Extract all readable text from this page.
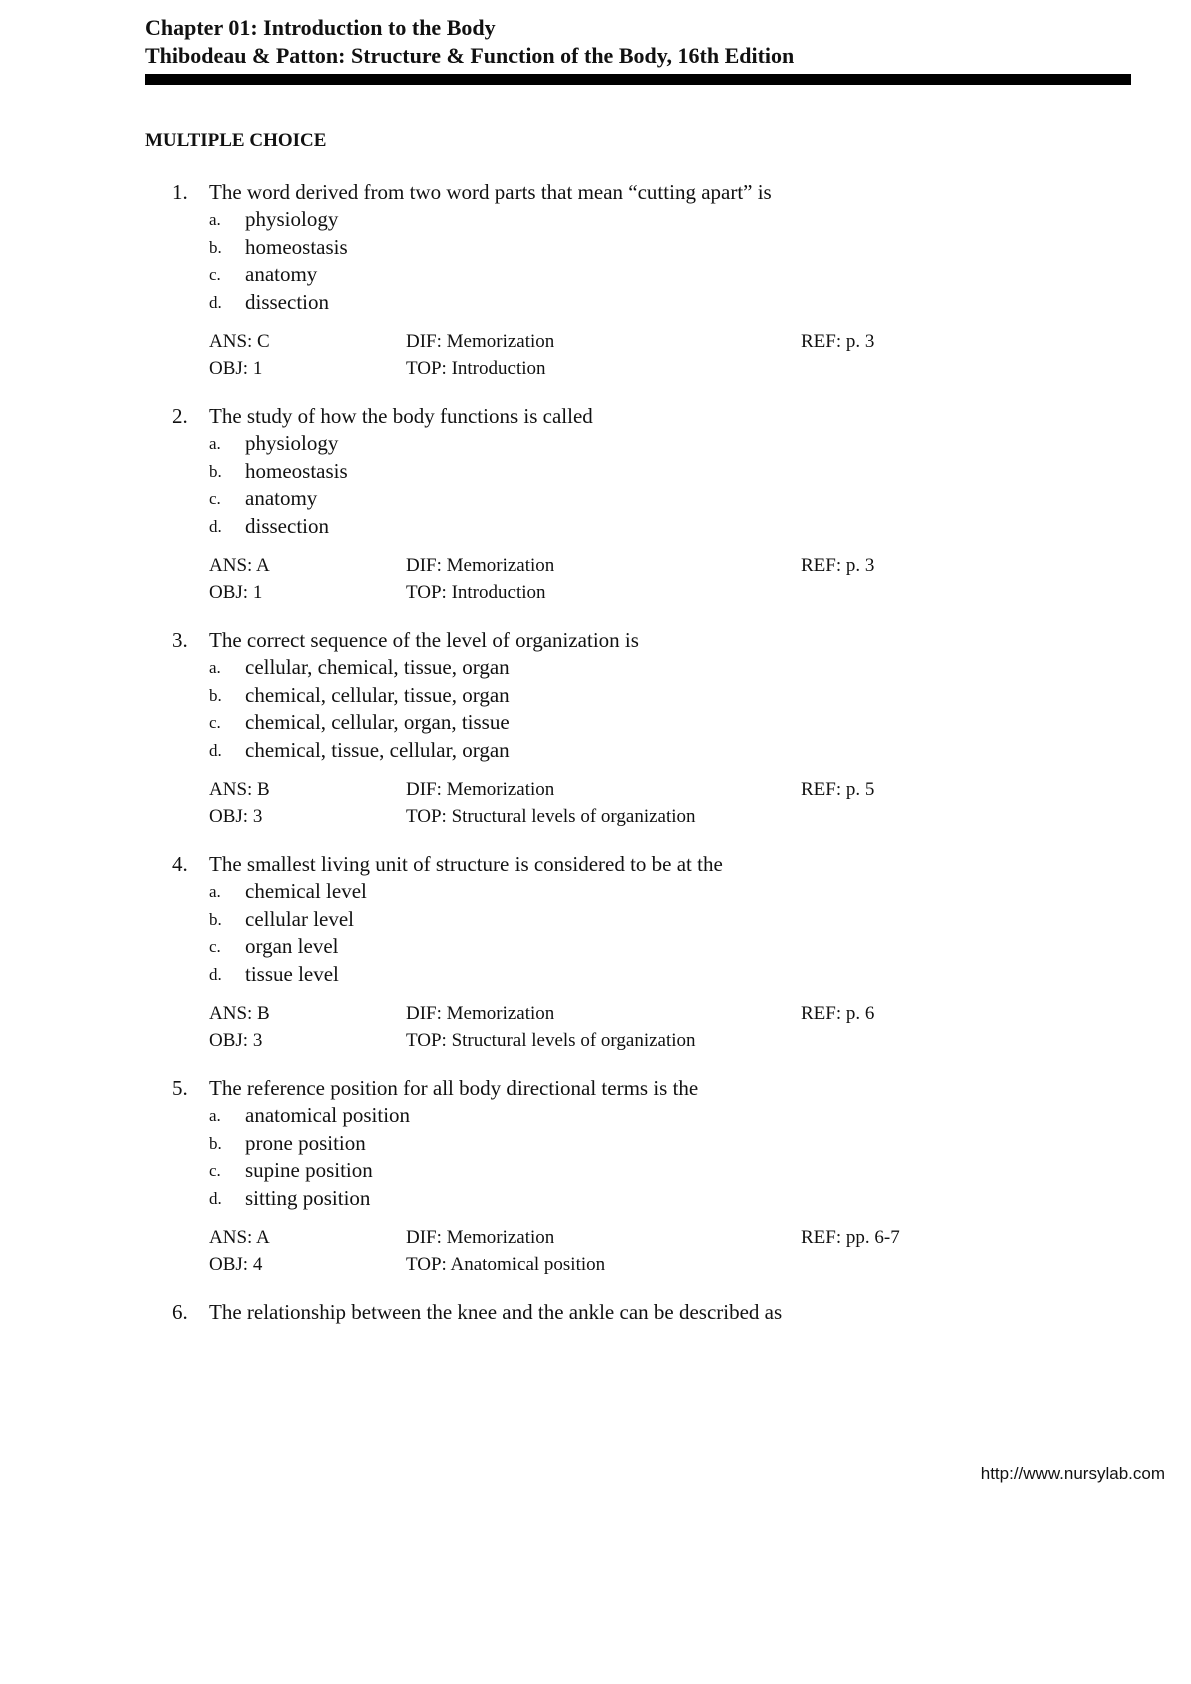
Chapter 01: Introduction to the Body
Thibodeau & Patton: Structure & Function of the Body, 16th Edition
MULTIPLE CHOICE
1. The word derived from two word parts that mean “cutting apart” is
a. physiology
b. homeostasis
c. anatomy
d. dissection
ANS: C	DIF: Memorization	REF: p. 3
OBJ: 1	TOP: Introduction
2. The study of how the body functions is called
a. physiology
b. homeostasis
c. anatomy
d. dissection
ANS: A	DIF: Memorization	REF: p. 3
OBJ: 1	TOP: Introduction
3. The correct sequence of the level of organization is
a. cellular, chemical, tissue, organ
b. chemical, cellular, tissue, organ
c. chemical, cellular, organ, tissue
d. chemical, tissue, cellular, organ
ANS: B	DIF: Memorization	REF: p. 5
OBJ: 3	TOP: Structural levels of organization
4. The smallest living unit of structure is considered to be at the
a. chemical level
b. cellular level
c. organ level
d. tissue level
ANS: B	DIF: Memorization	REF: p. 6
OBJ: 3	TOP: Structural levels of organization
5. The reference position for all body directional terms is the
a. anatomical position
b. prone position
c. supine position
d. sitting position
ANS: A	DIF: Memorization	REF: pp. 6-7
OBJ: 4	TOP: Anatomical position
6. The relationship between the knee and the ankle can be described as
http://www.nursylab.com
